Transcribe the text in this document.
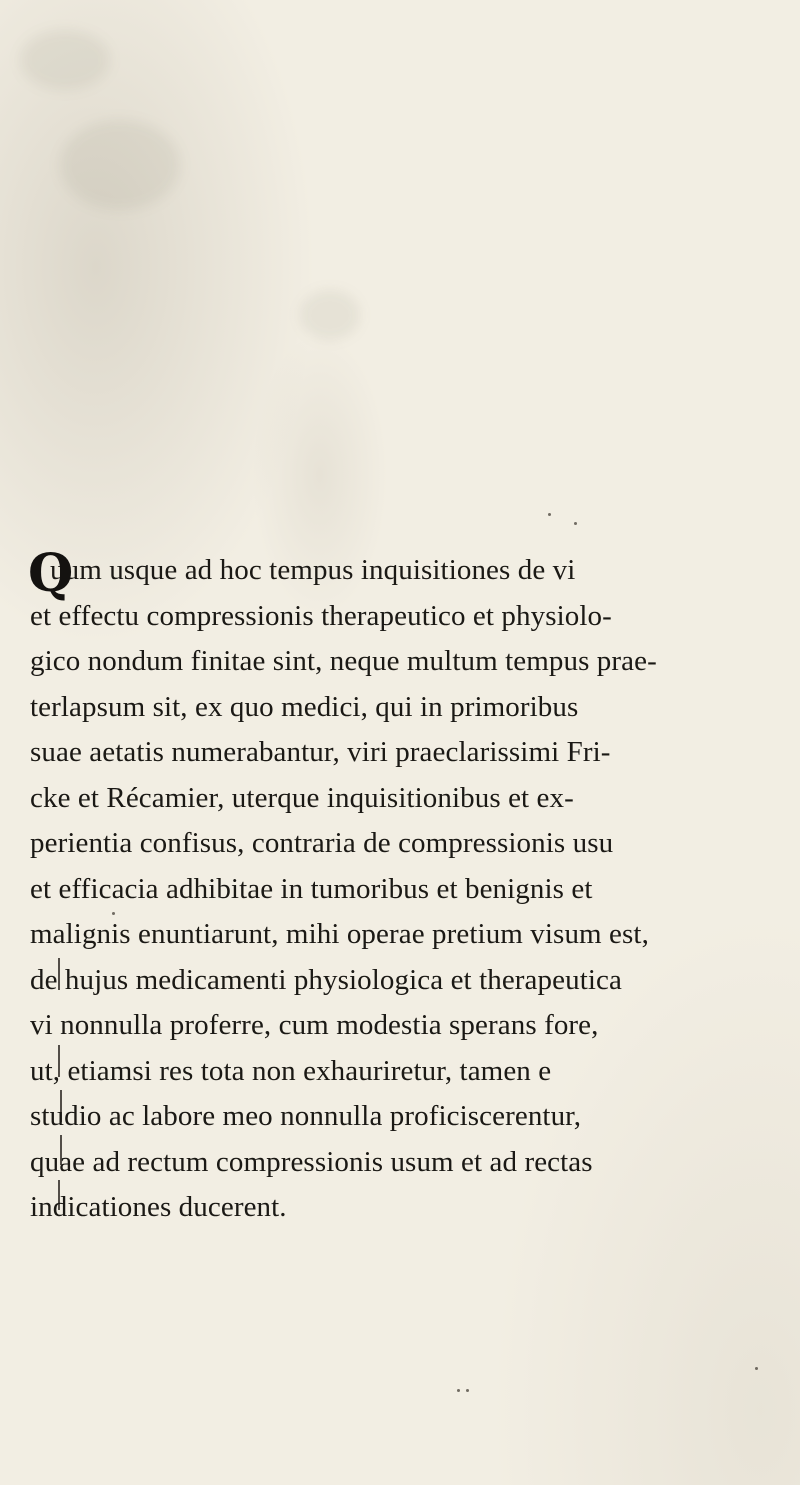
Q
uum usque ad hoc tempus inquisitiones de vi
et effectu compressionis therapeutico et physiolo-
gico nondum finitae sint, neque multum tempus prae-
terlapsum sit, ex quo medici, qui in primoribus
suae aetatis numerabantur, viri praeclarissimi Fri-
cke et Récamier, uterque inquisitionibus et ex-
perientia confisus, contraria de compressionis usu
et efficacia adhibitae in tumoribus et benignis et
malignis enuntiarunt, mihi operae pretium visum est,
de hujus medicamenti physiologica et therapeutica
vi nonnulla proferre, cum modestia sperans fore,
ut, etiamsi res tota non exhauriretur, tamen e
studio ac labore meo nonnulla proficiscerentur,
quae ad rectum compressionis usum et ad rectas
indicationes ducerent.
